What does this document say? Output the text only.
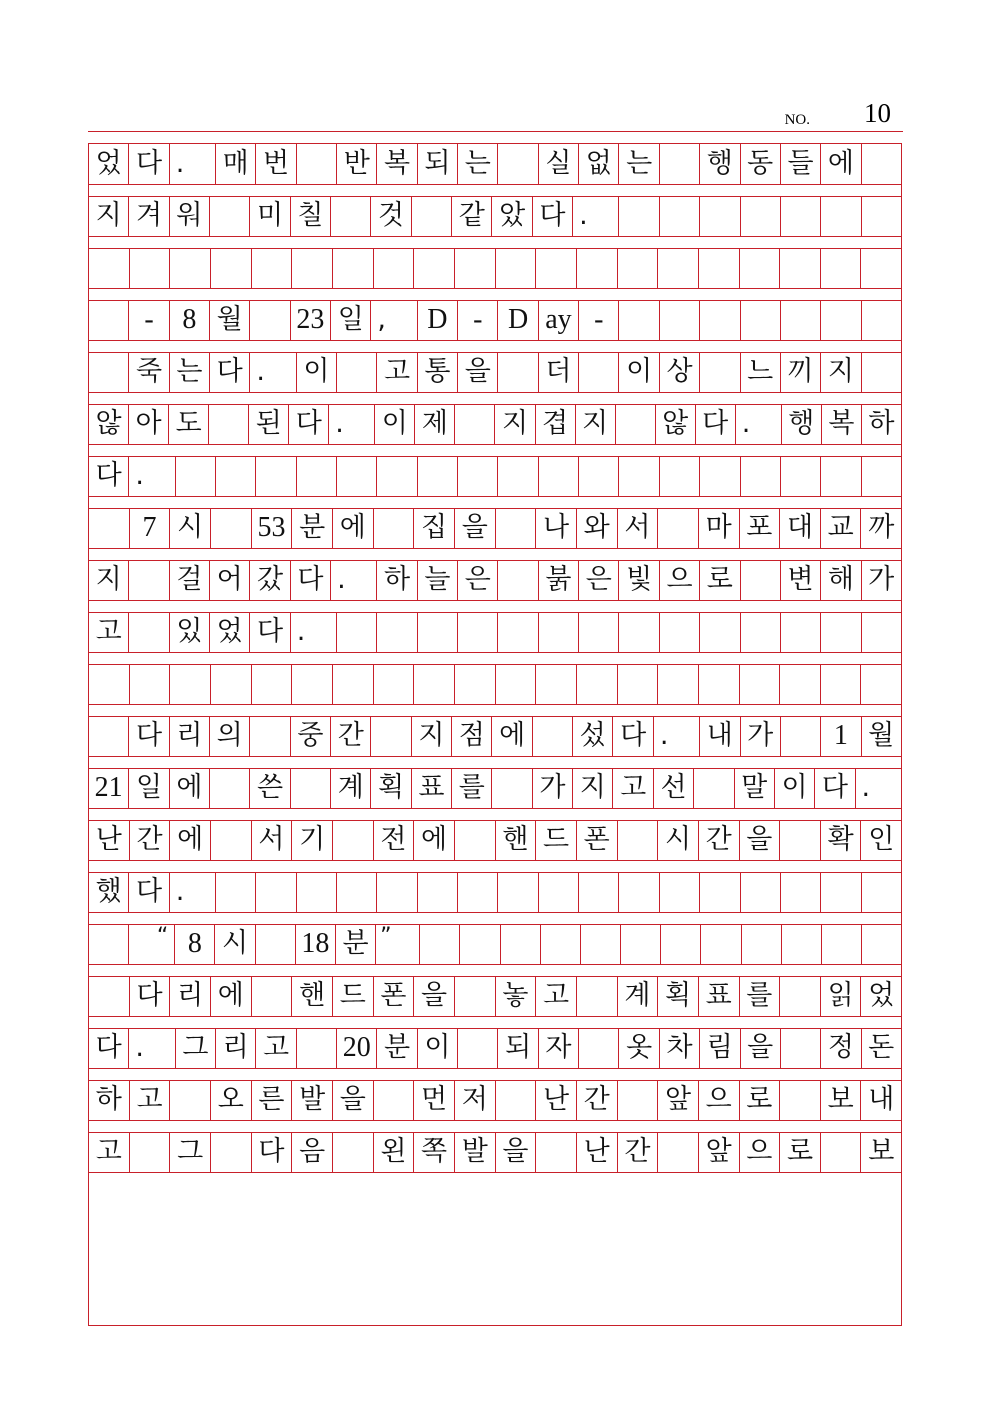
NO. 10
었 다 .	매 번 반 복 되 는 실 없 는 행 동 들 에
지 겨 워 미 칠 것 같 았 다 .
-	8 월 23 일 ,	D - D ay -
죽 는 다 .	이 고 통 을 더 이 상 느 끼 지
않 아 도 된 다 .	이 제 지 겹 지 않 다 .	행 복 하
다 .
7 시 53 분 에 집 을 나 와 서 마 포 대 교 까
지 걸 어 갔 다 .	하 늘 은 붉 은 빛 으 로 변 해 가
고 있 었 다 .
다 리 의 중 간 지 점 에 섰 다 .	내 가	1 월
21 일 에 쓴 계 획 표 를 가 지 고 선 말 이 다 .
난 간 에 서 기 전 에 핸 드 폰 시 간 을 확 인
했 다 .
“ 8 시 18 분 ”
다 리 에 핸 드 폰 을 놓 고 계 획 표 를 읽 었
다 .	그 리 고 20 분 이 되 자 옷 차 림 을 정 돈
하 고 오 른 발 을 먼 저 난 간 앞 으 로 보 내
고 그 다 음 왼 쪽 발 을 난 간 앞 으 로 보
